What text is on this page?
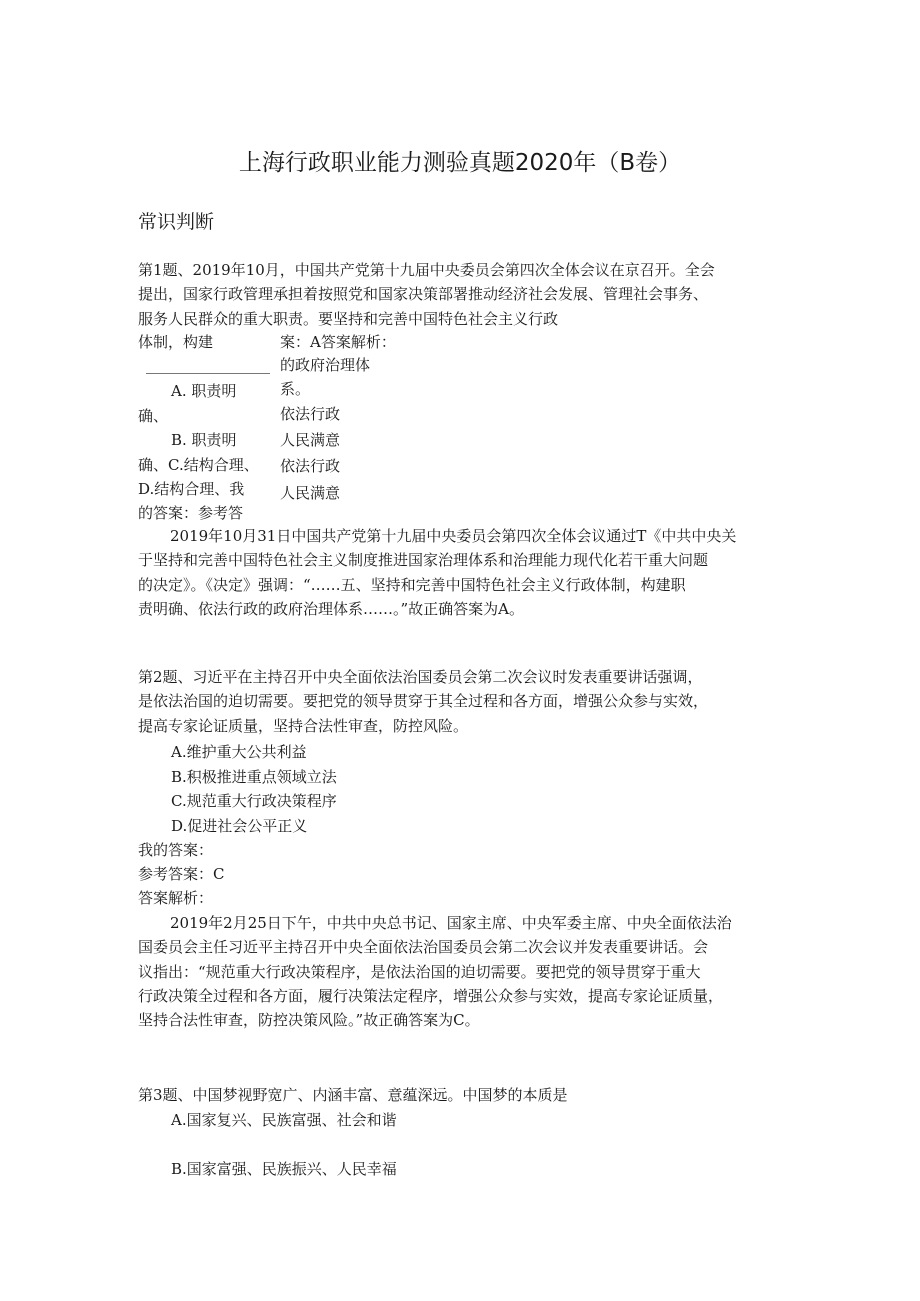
上海行政职业能力测验真题2020年（B卷）
常识判断
第1题、2019年10月，中国共产党第十九届中央委员会第四次全体会议在京召开。全会
提出，国家行政管理承担着按照党和国家决策部署推动经济社会发展、管理社会事务、
服务人民群众的重大职责。要坚持和完善中国特色社会主义行政
体制，构建
A. 职责明
确、
B. 职责明
确、C.结构合理、
D.结构合理、我
的答案：参考答
案：A答案解析：
的政府治理体
系。
依法行政
人民满意
依法行政
人民满意
2019年10月31日中国共产党第十九届中央委员会第四次全体会议通过T《中共中央关
于坚持和完善中国特色社会主义制度推进国家治理体系和治理能力现代化若干重大问题
的决定》。《决定》强调：“……五、坚持和完善中国特色社会主义行政体制，构建职
责明确、依法行政的政府治理体系……。”故正确答案为A。
第2题、习近平在主持召开中央全面依法治国委员会第二次会议时发表重要讲话强调，
是依法治国的迫切需要。要把党的领导贯穿于其全过程和各方面，增强公众参与实效，
提高专家论证质量，坚持合法性审查，防控风险。
A.维护重大公共利益
B.积极推进重点领域立法
C.规范重大行政决策程序
D.促进社会公平正义
我的答案：
参考答案：C
答案解析：
2019年2月25日下午，中共中央总书记、国家主席、中央军委主席、中央全面依法治
国委员会主任习近平主持召开中央全面依法治国委员会第二次会议并发表重要讲话。会
议指出：“规范重大行政决策程序，是依法治国的迫切需要。要把党的领导贯穿于重大
行政决策全过程和各方面，履行决策法定程序，增强公众参与实效，提高专家论证质量，
坚持合法性审查，防控决策风险。”故正确答案为C。
第3题、中国梦视野宽广、内涵丰富、意蕴深远。中国梦的本质是
A.国家复兴、民族富强、社会和谐
B.国家富强、民族振兴、人民幸福
